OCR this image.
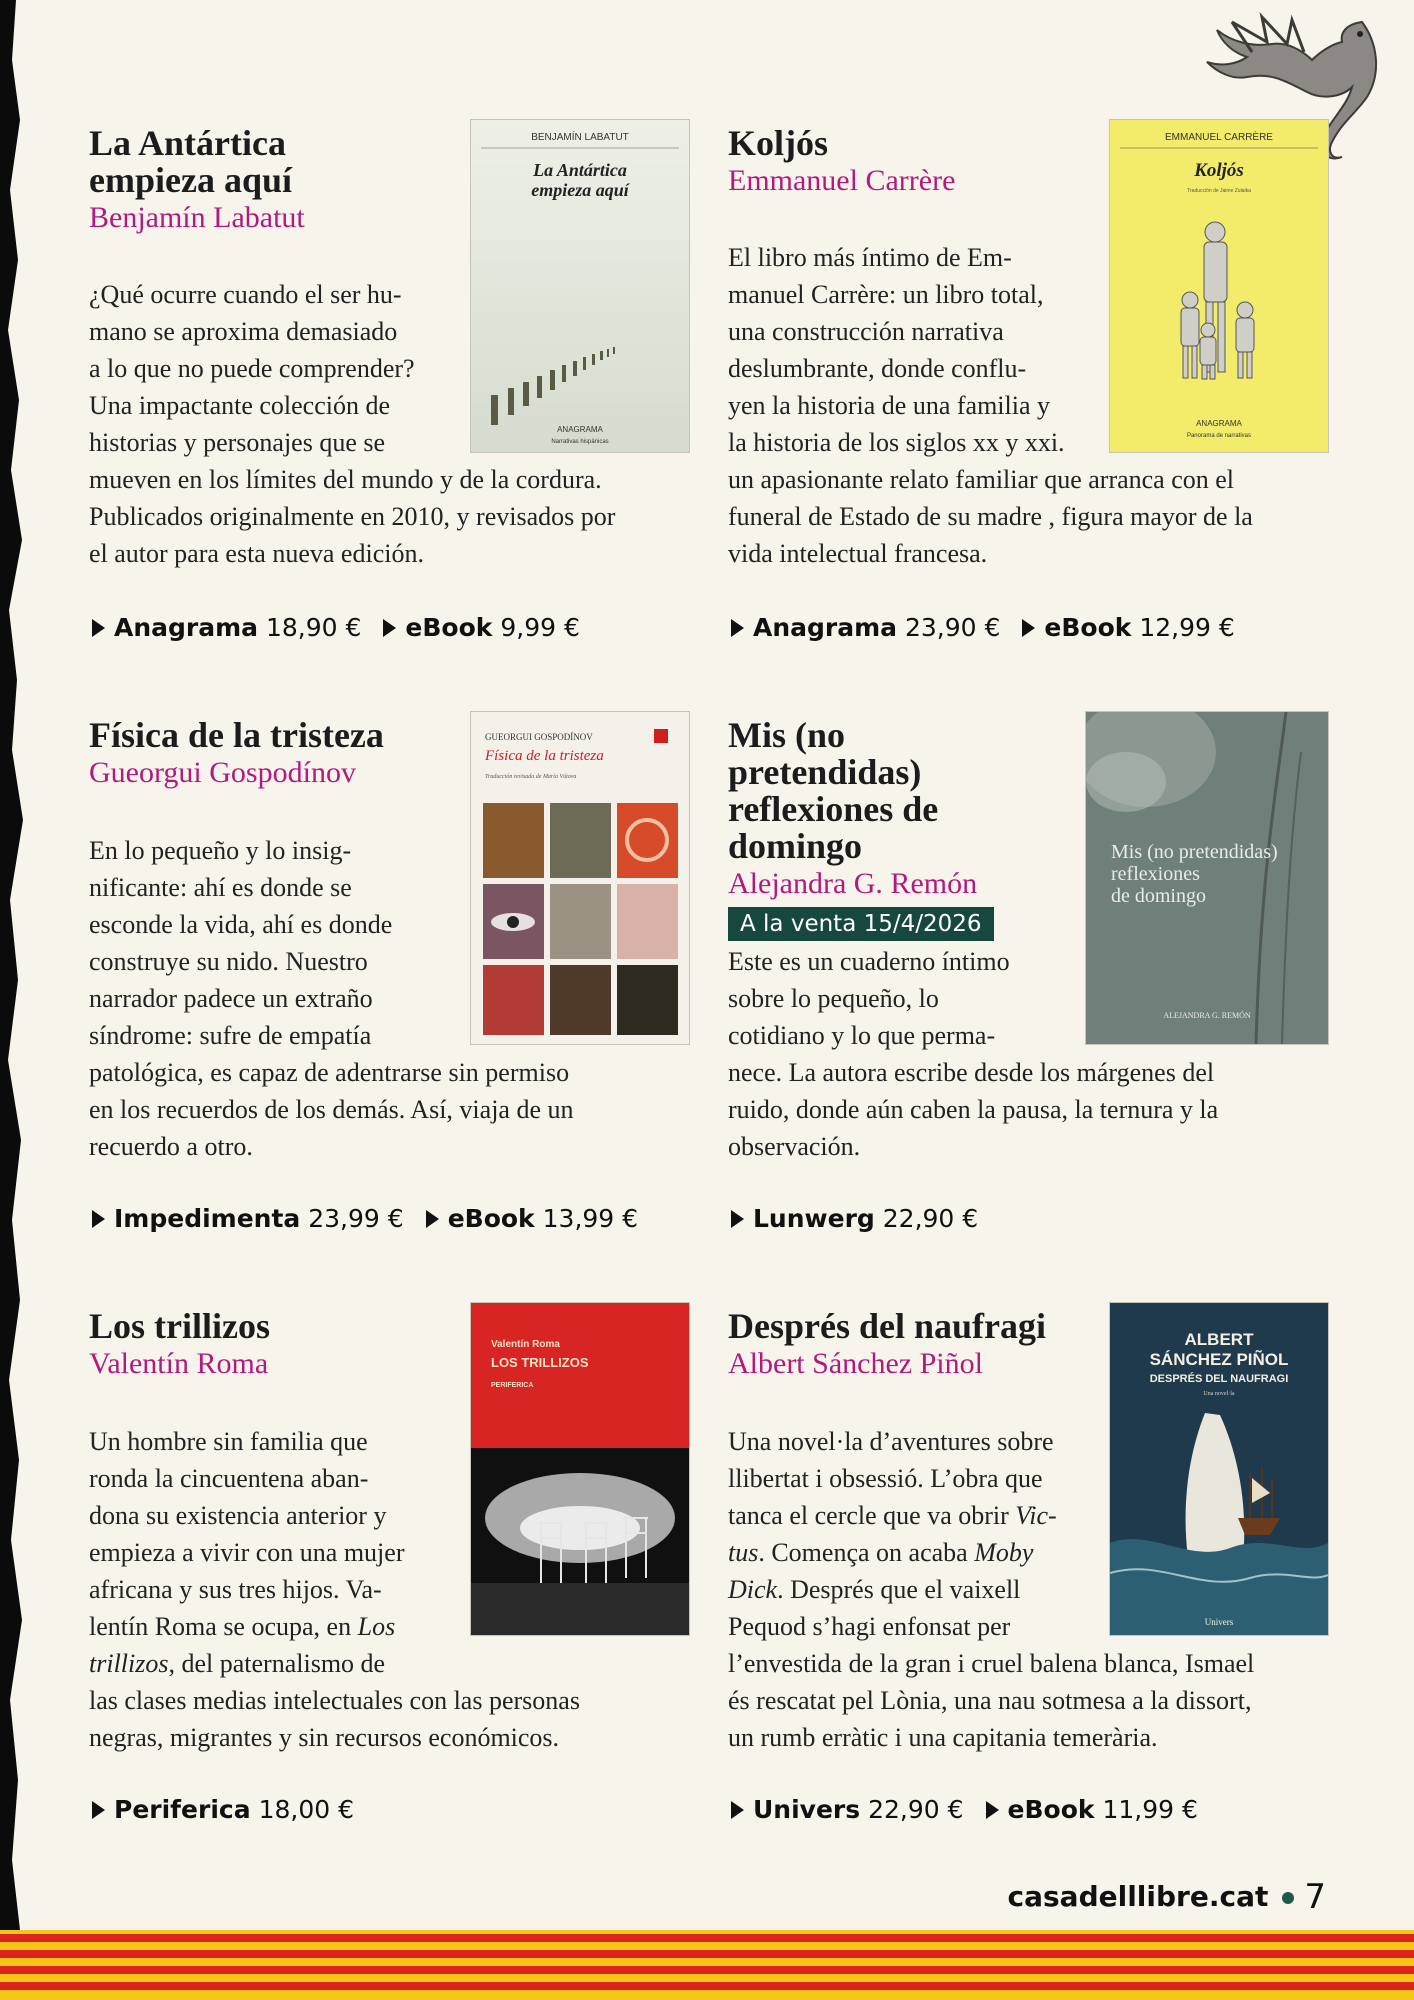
La Antártica
empieza aquí

Benjamín Labatut

BENJAMÍN LABATUT
La Antártica
empieza aquí
ANAGRAMA
Narrativas hispánicas

¿Qué ocurre cuando el ser hu-

mano se aproxima demasiado

a lo que no puede comprender?

Una impactante colección de

historias y personajes que se

mueven en los límites del mundo y de la cordura.

Publicados originalmente en 2010, y revisados por

el autor para esta nueva edición.

Anagrama 18,90 € eBook 9,99 €
Koljós

Emmanuel Carrère

EMMANUEL CARRÈRE
Koljós
Traducción de Jaime Zulaika
ANAGRAMA
Panorama de narrativas

El libro más íntimo de Em-

manuel Carrère: un libro total,

una construcción narrativa

deslumbrante, donde conflu-

yen la historia de una familia y

la historia de los siglos xx y xxi.

un apasionante relato familiar que arranca con el

funeral de Estado de su madre , figura mayor de la

vida intelectual francesa.

Anagrama 23,90 € eBook 12,99 €
Física de la tristeza

Gueorgui Gospodínov

GUEORGUI GOSPODÍNOV
Física de la tristeza
Traducción revisada de María Vútova

En lo pequeño y lo insig-

nificante: ahí es donde se

esconde la vida, ahí es donde

construye su nido. Nuestro

narrador padece un extraño

síndrome: sufre de empatía

patológica, es capaz de adentrarse sin permiso

en los recuerdos de los demás. Así, viaja de un

recuerdo a otro.

Impedimenta 23,99 € eBook 13,99 €
Mis (no
pretendidas)
reflexiones de
domingo

Alejandra G. Remón

A la venta 15/4/2026
Mis (no pretendidas)
reflexiones
de domingo
ALEJANDRA G. REMÓN

Este es un cuaderno íntimo

sobre lo pequeño, lo

cotidiano y lo que perma-

nece. La autora escribe desde los márgenes del

ruido, donde aún caben la pausa, la ternura y la

observación.

Lunwerg 22,90 €
Los trillizos

Valentín Roma

Valentín Roma
LOS TRILLIZOS
PERIFERICA

Un hombre sin familia que

ronda la cincuentena aban-

dona su existencia anterior y

empieza a vivir con una mujer

africana y sus tres hijos. Va-

lentín Roma se ocupa, en Los

trillizos, del paternalismo de

las clases medias intelectuales con las personas

negras, migrantes y sin recursos económicos.

Periferica 18,00 €
Després del naufragi

Albert Sánchez Piñol

ALBERT
SÁNCHEZ PIÑOL
DESPRÉS DEL NAUFRAGI
Una novel·la
Univers

Una novel·la d’aventures sobre

llibertat i obsessió. L’obra que

tanca el cercle que va obrir Vic-

tus. Comença on acaba Moby

Dick. Després que el vaixell

Pequod s’hagi enfonsat per

l’envestida de la gran i cruel balena blanca, Ismael

és rescatat pel Lònia, una nau sotmesa a la dissort,

un rumb erràtic i una capitania temerària.

Univers 22,90 € eBook 11,99 €
casadelllibre.cat 7
